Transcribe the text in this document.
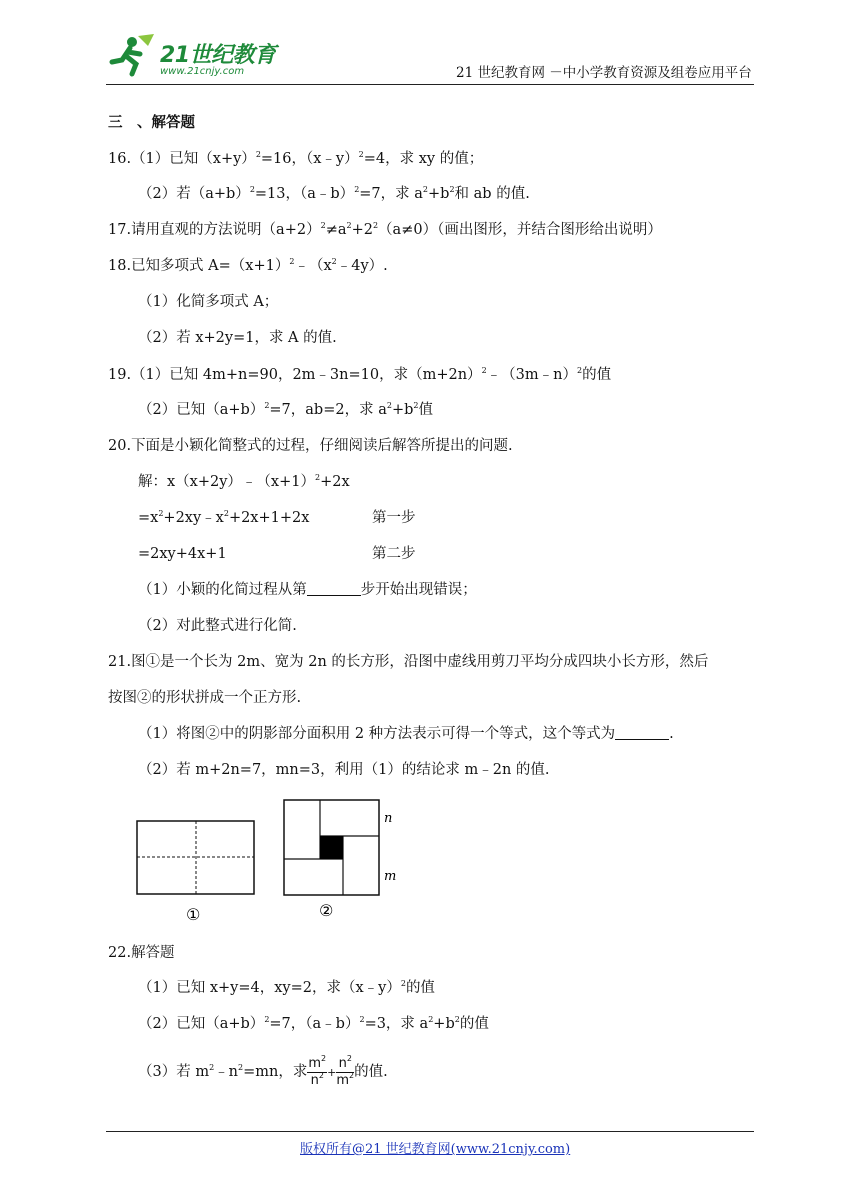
21世纪教育
www.21cnjy.com	21 世纪教育网 －中小学教育资源及组卷应用平台
三　、解答题
16.（1）已知$(x+y)^2=16$，（x﹣y）$^2$=4，求 xy 的值；
（2）若$(a+b)^2=13$，（a﹣b）$^2$=7，求 $a^2+b^2$和 ab 的值.
17.请用直观的方法说明$(a+2)^2\ne a^2+2^2(a\ne 0)$（画出图形，并结合图形给出说明）
18.已知多项式 $A=(x+1)^2﹣(x^2﹣4y)$.
（1）化简多项式 A；
（2）若 x+2y=1，求 A 的值.
19.（1）已知 4m+n=90，2m﹣3n=10，求$(m+2n)^2﹣(3m﹣n)^2$的值
（2）已知$(a+b)^2=7$，ab=2，求 $a^2+b^2$值
20.下面是小颖化简整式的过程，仔细阅读后解答所提出的问题.
解：$x(x+2y)﹣(x+1)^2+2x$
$=x^2+2xy﹣x^2+2x+1+2x$	第一步
=2xy+4x+1	第二步
（1）小颖的化简过程从第	步开始出现错误；
（2）对此整式进行化简.
21.图①是一个长为 2m、宽为 2n 的长方形，沿图中虚线用剪刀平均分成四块小长方形，然后
按图②的形状拼成一个正方形.
（1）将图②中的阴影部分面积用 2 种方法表示可得一个等式，这个等式为	.
（2）若 m+2n=7，mn=3，利用（1）的结论求 m﹣2n 的值.
n
m
①	②
22.解答题
（1）已知 x+y=4，xy=2，求（x﹣y）$^2$的值
（2）已知$(a+b)^2=7$，（a﹣b）$^2$=3，求 $a^2+b^2$的值
（3）若 $m^2﹣n^2=mn$，求 $\frac{m^2}{n^2} + \frac{n^2}{m^2}$ 的值.
版权所有@21 世纪教育网(www.21cnjy.com)
